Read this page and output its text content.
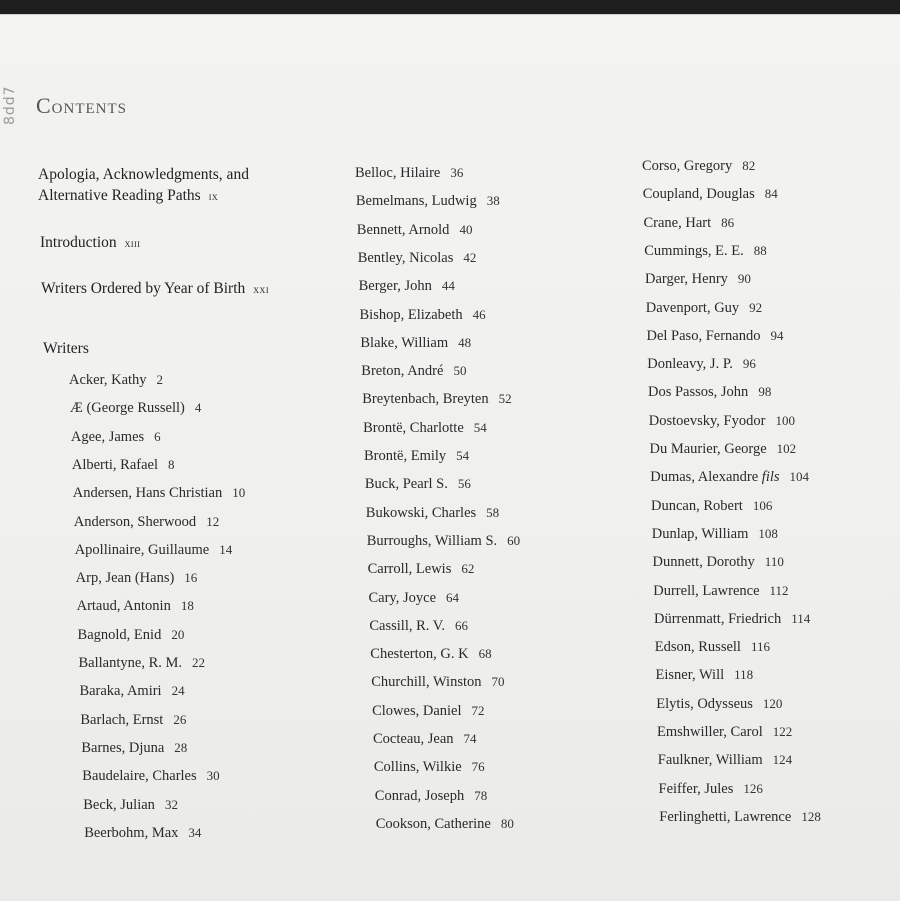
8dd7 Contents
Apologia, Acknowledgments, and
Alternative Reading Paths ix
Introduction xiii
Writers Ordered by Year of Birth xxi
Writers
Acker, Kathy 2
Æ (George Russell) 4
Agee, James 6
Alberti, Rafael 8
Andersen, Hans Christian 10
Anderson, Sherwood 12
Apollinaire, Guillaume 14
Arp, Jean (Hans) 16
Artaud, Antonin 18
Bagnold, Enid 20
Ballantyne, R. M. 22
Baraka, Amiri 24
Barlach, Ernst 26
Barnes, Djuna 28
Baudelaire, Charles 30
Beck, Julian 32
Beerbohm, Max 34
Belloc, Hilaire 36
Bemelmans, Ludwig 38
Bennett, Arnold 40
Bentley, Nicolas 42
Berger, John 44
Bishop, Elizabeth 46
Blake, William 48
Breton, André 50
Breytenbach, Breyten 52
Brontë, Charlotte 54
Brontë, Emily 54
Buck, Pearl S. 56
Bukowski, Charles 58
Burroughs, William S. 60
Carroll, Lewis 62
Cary, Joyce 64
Cassill, R. V. 66
Chesterton, G. K 68
Churchill, Winston 70
Clowes, Daniel 72
Cocteau, Jean 74
Collins, Wilkie 76
Conrad, Joseph 78
Cookson, Catherine 80
Corso, Gregory 82
Coupland, Douglas 84
Crane, Hart 86
Cummings, E. E. 88
Darger, Henry 90
Davenport, Guy 92
Del Paso, Fernando 94
Donleavy, J. P. 96
Dos Passos, John 98
Dostoevsky, Fyodor 100
Du Maurier, George 102
Dumas, Alexandre fils 104
Duncan, Robert 106
Dunlap, William 108
Dunnett, Dorothy 110
Durrell, Lawrence 112
Dürrenmatt, Friedrich 114
Edson, Russell 116
Eisner, Will 118
Elytis, Odysseus 120
Emshwiller, Carol 122
Faulkner, William 124
Feiffer, Jules 126
Ferlinghetti, Lawrence 128
